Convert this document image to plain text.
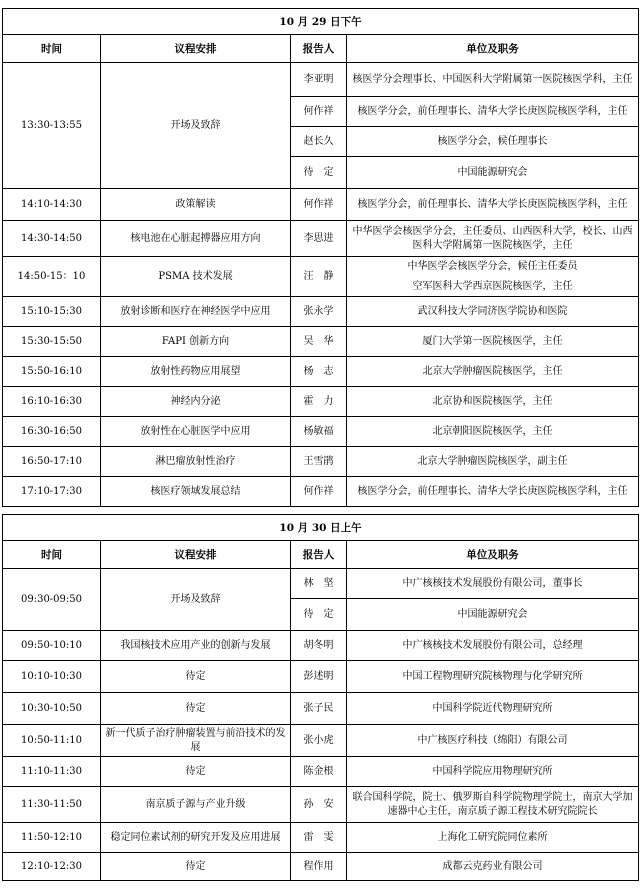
10 月 29 日下午			
时间	议程安排	报告人	单位及职务
13:30-13:55	开场及致辞	李亚明	核医学分会理事长、中国医科大学附属第一医院核医学科，主任
		何作祥	核医学分会，前任理事长、清华大学长庚医院核医学科，主任
		赵长久	核医学分会，候任理事长
		待　定	中国能源研究会
14:10-14:30	政策解读	何作祥	核医学分会，前任理事长、清华大学长庚医院核医学科，主任
14:30-14:50	核电池在心脏起搏器应用方向	李思进	中华医学会核医学分会，主任委员、山西医科大学，校长、山西医科大学附属第一医院核医学，主任
14:50-15：10	PSMA 技术发展	汪　静	中华医学会核医学分会，候任主任委员
空军医科大学西京医院核医学，主任

15:10-15:30	放射诊断和医疗在神经医学中应用	张永学	武汉科技大学同济医学院协和医院
15:30-15:50	FAPI 创新方向	吴　华	厦门大学第一医院核医学，主任
15:50-16:10	放射性药物应用展望	杨　志	北京大学肿瘤医院核医学，主任
16:10-16:30	神经内分泌	霍　力	北京协和医院核医学，主任
16:30-16:50	放射性在心脏医学中应用	杨敏福	北京朝阳医院核医学，主任
16:50-17:10	淋巴瘤放射性治疗	王雪鹃	北京大学肿瘤医院核医学，副主任
17:10-17:30	核医疗领域发展总结	何作祥	核医学分会，前任理事长、清华大学长庚医院核医学科，主任

10 月 30 日上午			
时间	议程安排	报告人	单位及职务
09:30-09:50	开场及致辞	林　坚	中广核核技术发展股份有限公司，董事长
		待　定	中国能源研究会
09:50-10:10	我国核技术应用产业的创新与发展	胡冬明	中广核核技术发展股份有限公司，总经理
10:10-10:30	待定	彭述明	中国工程物理研究院核物理与化学研究所
10:30-10:50	待定	张子民	中国科学院近代物理研究所
10:50-11:10	新一代质子治疗肿瘤装置与前沿技术的发展	张小虎	中广核医疗科技（绵阳）有限公司
11:10-11:30	待定	陈金根	中国科学院应用物理研究所
11:30-11:50	南京质子源与产业升级	孙　安	联合国科学院，院士、俄罗斯自科学院物理学院士，南京大学加速器中心主任，南京质子源工程技术研究院院长
11:50-12:10	稳定同位素试剂的研究开发及应用进展	雷　雯	上海化工研究院同位素所
12:10-12:30	待定	程作用	成都云克药业有限公司
